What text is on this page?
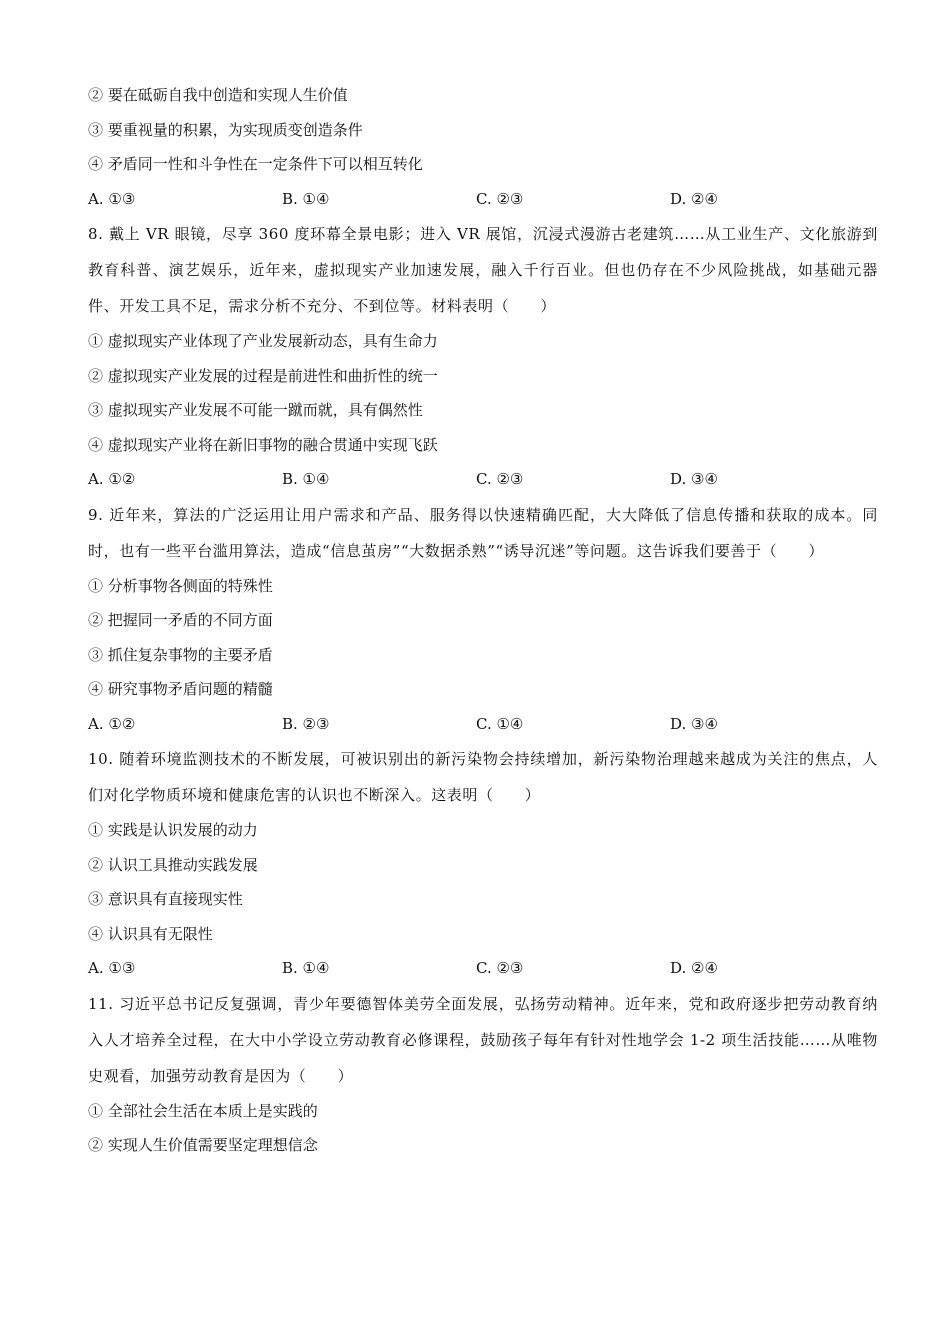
② 要在砥砺自我中创造和实现人生价值
③ 要重视量的积累，为实现质变创造条件
④ 矛盾同一性和斗争性在一定条件下可以相互转化
A. ①③	B. ①④	C. ②③	D. ②④
8. 戴上 VR 眼镜，尽享 360 度环幕全景电影；进入 VR 展馆，沉浸式漫游古老建筑……从工业生产、文化旅游到教育科普、演艺娱乐，近年来，虚拟现实产业加速发展，融入千行百业。但也仍存在不少风险挑战，如基础元器件、开发工具不足，需求分析不充分、不到位等。材料表明（　　）
① 虚拟现实产业体现了产业发展新动态，具有生命力
② 虚拟现实产业发展的过程是前进性和曲折性的统一
③ 虚拟现实产业发展不可能一蹴而就，具有偶然性
④ 虚拟现实产业将在新旧事物的融合贯通中实现飞跃
A. ①②	B. ①④	C. ②③	D. ③④
9. 近年来，算法的广泛运用让用户需求和产品、服务得以快速精确匹配，大大降低了信息传播和获取的成本。同时，也有一些平台滥用算法，造成“信息茧房”“大数据杀熟”“诱导沉迷”等问题。这告诉我们要善于（　　）
① 分析事物各侧面的特殊性
② 把握同一矛盾的不同方面
③ 抓住复杂事物的主要矛盾
④ 研究事物矛盾问题的精髓
A. ①②	B. ②③	C. ①④	D. ③④
10. 随着环境监测技术的不断发展，可被识别出的新污染物会持续增加，新污染物治理越来越成为关注的焦点，人们对化学物质环境和健康危害的认识也不断深入。这表明（　　）
① 实践是认识发展的动力
② 认识工具推动实践发展
③ 意识具有直接现实性
④ 认识具有无限性
A. ①③	B. ①④	C. ②③	D. ②④
11. 习近平总书记反复强调，青少年要德智体美劳全面发展，弘扬劳动精神。近年来，党和政府逐步把劳动教育纳入人才培养全过程，在大中小学设立劳动教育必修课程，鼓励孩子每年有针对性地学会 1-2 项生活技能……从唯物史观看，加强劳动教育是因为（　　）
① 全部社会生活在本质上是实践的
② 实现人生价值需要坚定理想信念
